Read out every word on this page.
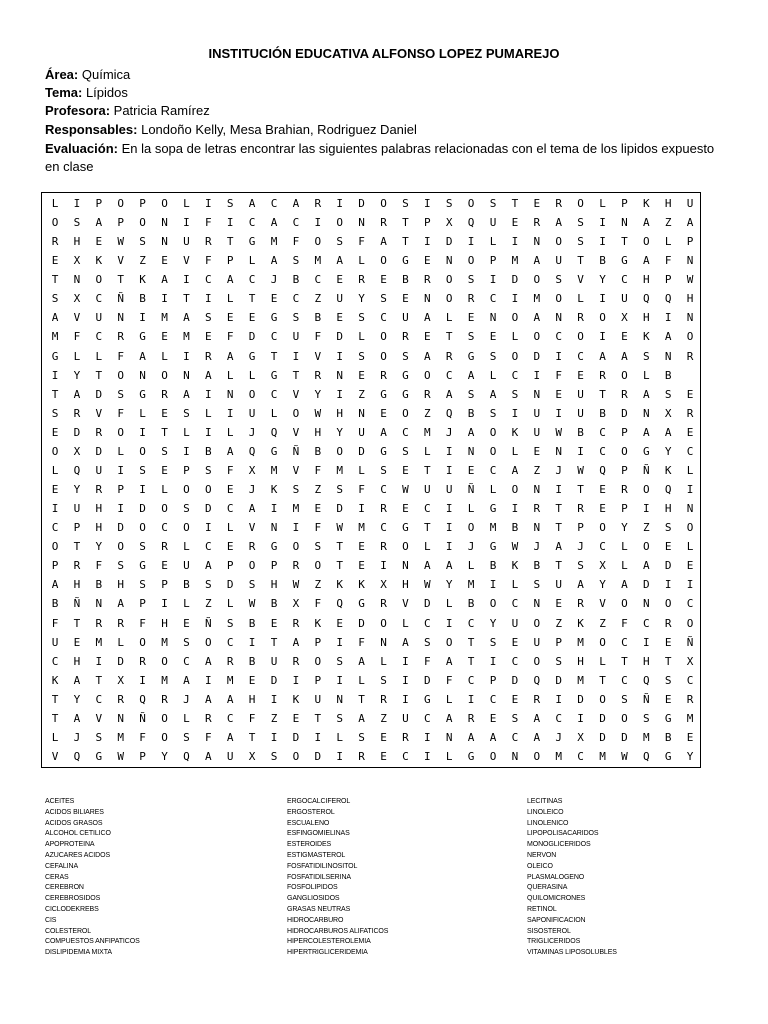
INSTITUCIÓN EDUCATIVA ALFONSO LOPEZ PUMAREJO
Área: Química
Tema: Lípidos
Profesora: Patricia Ramírez
Responsables: Londoño Kelly, Mesa Brahian, Rodriguez Daniel
Evaluación: En la sopa de letras encontrar las siguientes palabras relacionadas con el tema de los lipidos expuesto en clase
L	I	P	O	P	O	L	I	S	A	C	A	R	I	D	O	S	I	S	O	S	T	E	R	O	L	P	K	H	U
O	S	A	P	O	N	I	F	I	C	A	C	I	O	N	R	T	P	X	Q	U	E	R	A	S	I	N	A	Z	A
R	H	E	W	S	N	U	R	T	G	M	F	O	S	F	A	T	I	D	I	L	I	N	O	S	I	T	O	L	P
E	X	K	V	Z	E	V	F	P	L	A	S	M	A	L	O	G	E	N	O	P	M	A	U	T	B	G	A	F	N
T	N	O	T	K	A	I	C	A	C	J	B	C	E	R	E	B	R	O	S	I	D	O	S	V	Y	C	H	P	W
S	X	C	Ñ	B	I	T	I	L	T	E	C	Z	U	Y	S	E	N	O	R	C	I	M	O	L	I	U	Q	Q	H
A	V	U	N	I	M	A	S	E	E	G	S	B	E	S	C	U	A	L	E	N	O	A	N	R	O	X	H	I	N
M	F	C	R	G	E	M	E	F	D	C	U	F	D	L	O	R	E	T	S	E	L	O	C	O	I	E	K	A	O
G	L	L	F	A	L	I	R	A	G	T	I	V	I	S	O	S	A	R	G	S	O	D	I	C	A	A	S	N	R
I	Y	T	O	N	O	N	A	L	L	G	T	R	N	E	R	G	O	C	A	L	C	I	F	E	R	O	L	B
T	A	D	S	G	R	A	I	N	O	C	V	Y	I	Z	G	G	R	A	S	A	S	N	E	U	T	R	A	S	E
S	R	V	F	L	E	S	L	I	U	L	O	W	H	N	E	O	Z	Q	B	S	I	U	I	U	B	D	N	X	R
E	D	R	O	I	T	L	I	L	J	Q	V	H	Y	U	A	C	M	J	A	O	K	U	W	B	C	P	A	A	E
O	X	D	L	O	S	I	B	A	Q	G	Ñ	B	O	D	G	S	L	I	N	O	L	E	N	I	C	O	G	Y	C
L	Q	U	I	S	E	P	S	F	X	M	V	F	M	L	S	E	T	I	E	C	A	Z	J	W	Q	P	Ñ	K	L
E	Y	R	P	I	L	O	O	E	J	K	S	Z	S	F	C	W	U	U	Ñ	L	O	N	I	T	E	R	O	Q	I
I	U	H	I	D	O	S	D	C	A	I	M	E	D	I	R	E	C	I	L	G	I	R	T	R	E	P	I	H	N
C	P	H	D	O	C	O	I	L	V	N	I	F	W	M	C	G	T	I	O	M	B	N	T	P	O	Y	Z	S	O
O	T	Y	O	S	R	L	C	E	R	G	O	S	T	E	R	O	L	I	J	G	W	J	A	J	C	L	O	E	L
P	R	F	S	G	E	U	A	P	O	P	R	O	T	E	I	N	A	A	L	B	K	B	T	S	X	L	A	D	E
A	H	B	H	S	P	B	S	D	S	H	W	Z	K	K	X	H	W	Y	M	I	L	S	U	A	Y	A	D	I	I
B	Ñ	N	A	P	I	L	Z	L	W	B	X	F	Q	G	R	V	D	L	B	O	C	N	E	R	V	O	N	O	C
F	T	R	R	F	H	E	Ñ	S	B	E	R	K	E	D	O	L	C	I	C	Y	U	O	Z	K	Z	F	C	R	O
U	E	M	L	O	M	S	O	C	I	T	A	P	I	F	N	A	S	O	T	S	E	U	P	M	O	C	I	E	Ñ
C	H	I	D	R	O	C	A	R	B	U	R	O	S	A	L	I	F	A	T	I	C	O	S	H	L	T	H	T	X
K	A	T	X	I	M	A	I	M	E	D	I	P	I	L	S	I	D	F	C	P	D	Q	D	M	T	C	Q	S	C
T	Y	C	R	Q	R	J	A	A	H	I	K	U	N	T	R	I	G	L	I	C	E	R	I	D	O	S	Ñ	E	R
T	A	V	N	Ñ	O	L	R	C	F	Z	E	T	S	A	Z	U	C	A	R	E	S	A	C	I	D	O	S	G	M
L	J	S	M	F	O	S	F	A	T	I	D	I	L	S	E	R	I	N	A	A	C	A	J	X	D	D	M	B	E
V	Q	G	W	P	Y	Q	A	U	X	S	O	D	I	R	E	C	I	L	G	O	N	O	M	C	M	W	Q	G	Y
ACEITES
ACIDOS BILIARES
ACIDOS GRASOS
ALCOHOL CETILICO
APOPROTEINA
AZUCARES ACIDOS
CEFALINA
CERAS
CEREBRON
CEREBROSIDOS
CICLODEKREBS
CIS
COLESTEROL
COMPUESTOS ANFIPATICOS
DISLIPIDEMIA MIXTA
ERGOCALCIFEROL
ERGOSTEROL
ESCUALENO
ESFINGOMIELINAS
ESTEROIDES
ESTIGMASTEROL
FOSFATIDILINOSITOL
FOSFATIDILSERINA
FOSFOLIPIDOS
GANGLIOSIDOS
GRASAS NEUTRAS
HIDROCARBURO
HIDROCARBUROS ALIFATICOS
HIPERCOLESTEROLEMIA
HIPERTRIGLICERIDEMIA
LECITINAS
LINOLEICO
LINOLENICO
LIPOPOLISACARIDOS
MONOGLICERIDOS
NERVON
OLEICO
PLASMALOGENO
QUERASINA
QUILOMICRONES
RETINOL
SAPONIFICACION
SISOSTEROL
TRIGLICERIDOS
VITAMINAS LIPOSOLUBLES
